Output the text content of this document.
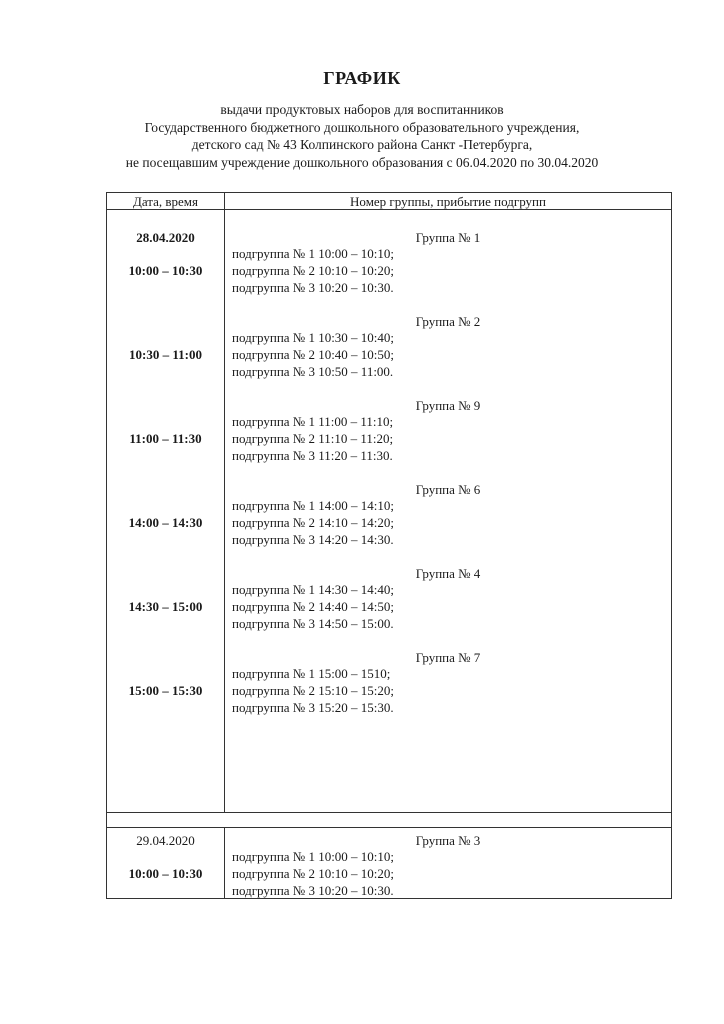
ГРАФИК
выдачи продуктовых наборов для воспитанников
Государственного бюджетного дошкольного образовательного учреждения,
детского сад № 43 Колпинского района Санкт -Петербурга,
не посещавшим учреждение дошкольного образования с 06.04.2020 по 30.04.2020
Дата, время	Номер группы, прибытие подгрупп
28.04.2020
10:00 – 10:30
Группа № 1
подгруппа № 1 10:00 – 10:10;
подгруппа № 2 10:10 – 10:20;
подгруппа № 3 10:20 – 10:30.
10:30 – 11:00
Группа № 2
подгруппа № 1 10:30 – 10:40;
подгруппа № 2 10:40 – 10:50;
подгруппа № 3 10:50 – 11:00.
11:00 – 11:30
Группа № 9
подгруппа № 1 11:00 – 11:10;
подгруппа № 2 11:10 – 11:20;
подгруппа № 3 11:20 – 11:30.
14:00 – 14:30
Группа № 6
подгруппа № 1 14:00 – 14:10;
подгруппа № 2 14:10 – 14:20;
подгруппа № 3 14:20 – 14:30.
14:30 – 15:00
Группа № 4
подгруппа № 1 14:30 – 14:40;
подгруппа № 2 14:40 – 14:50;
подгруппа № 3 14:50 – 15:00.
15:00 – 15:30
Группа № 7
подгруппа № 1 15:00 – 1510;
подгруппа № 2 15:10 – 15:20;
подгруппа № 3 15:20 – 15:30.
29.04.2020
10:00 – 10:30
Группа № 3
подгруппа № 1 10:00 – 10:10;
подгруппа № 2 10:10 – 10:20;
подгруппа № 3 10:20 – 10:30.
